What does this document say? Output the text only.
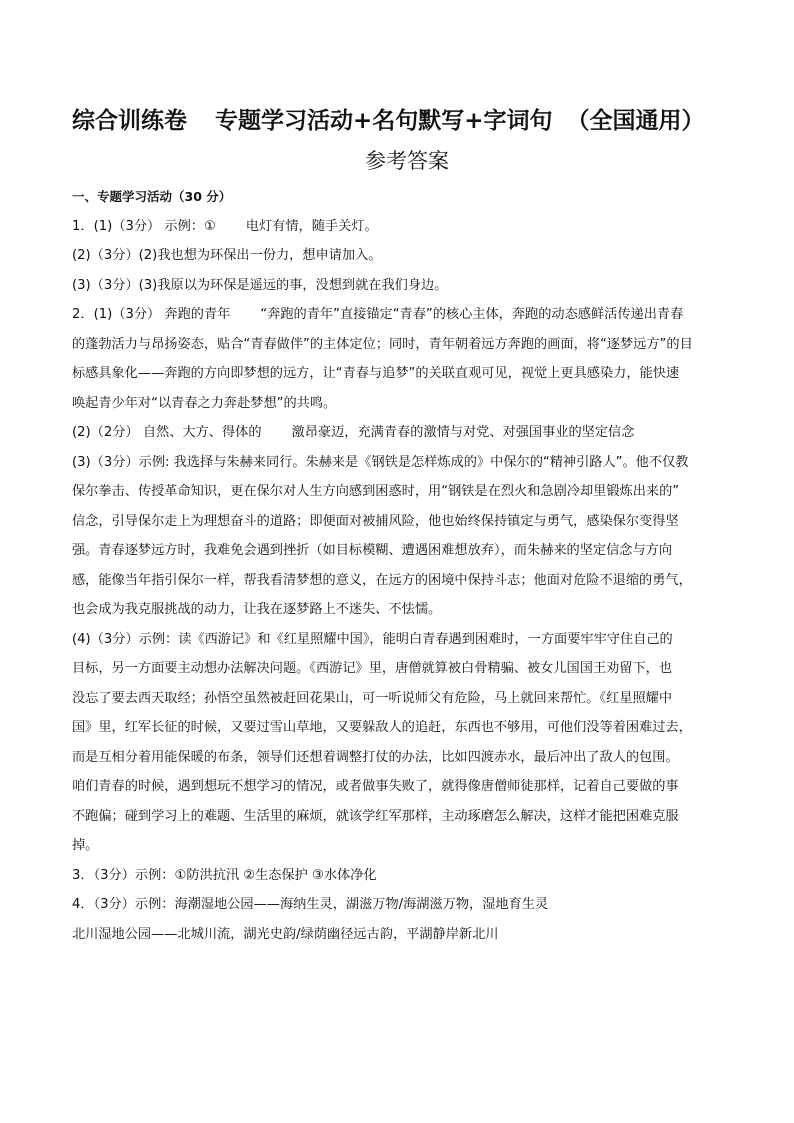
综合训练卷 专题学习活动+名句默写+字词句 （全国通用）
参考答案
一、专题学习活动（30 分）
1．(1)（3分） 示例：① 电灯有情，随手关灯。
(2)（3分）(2)我也想为环保出一份力，想申请加入。
(3)（3分）(3)我原以为环保是遥远的事，没想到就在我们身边。
2．(1)（3分） 奔跑的青年 “奔跑的青年”直接锚定“青春”的核心主体，奔跑的动态感鲜活传递出青春
的蓬勃活力与昂扬姿态，贴合“青春做伴”的主体定位；同时，青年朝着远方奔跑的画面，将“逐梦远方”的目
标感具象化——奔跑的方向即梦想的远方，让“青春与追梦”的关联直观可见，视觉上更具感染力，能快速
唤起青少年对“以青春之力奔赴梦想”的共鸣。
(2)（2分） 自然、大方、得体的 激昂豪迈，充满青春的激情与对党、对强国事业的坚定信念
(3)（3分）示例: 我选择与朱赫来同行。朱赫来是《钢铁是怎样炼成的》中保尔的“精神引路人”。他不仅教
保尔拳击、传授革命知识，更在保尔对人生方向感到困惑时，用“钢铁是在烈火和急剧冷却里锻炼出来的”
信念，引导保尔走上为理想奋斗的道路；即便面对被捕风险，他也始终保持镇定与勇气，感染保尔变得坚
强。青春逐梦远方时，我难免会遇到挫折（如目标模糊、遭遇困难想放弃），而朱赫来的坚定信念与方向
感，能像当年指引保尔一样，帮我看清梦想的意义，在远方的困境中保持斗志；他面对危险不退缩的勇气，
也会成为我克服挑战的动力，让我在逐梦路上不迷失、不怯懦。
(4)（3分）示例：读《西游记》和《红星照耀中国》，能明白青春遇到困难时，一方面要牢牢守住自己的
目标，另一方面要主动想办法解决问题。《西游记》里，唐僧就算被白骨精骗、被女儿国国王劝留下，也
没忘了要去西天取经；孙悟空虽然被赶回花果山，可一听说师父有危险，马上就回来帮忙。《红星照耀中
国》里，红军长征的时候，又要过雪山草地，又要躲敌人的追赶，东西也不够用，可他们没等着困难过去，
而是互相分着用能保暖的布条，领导们还想着调整打仗的办法，比如四渡赤水，最后冲出了敌人的包围。
咱们青春的时候，遇到想玩不想学习的情况，或者做事失败了，就得像唐僧师徒那样，记着自己要做的事
不跑偏；碰到学习上的难题、生活里的麻烦，就该学红军那样，主动琢磨怎么解决，这样才能把困难克服
掉。
3．（3分）示例：①防洪抗汛 ②生态保护 ③水体净化
4．（3分）示例：海潮湿地公园——海纳生灵，湖滋万物/海湖滋万物，湿地育生灵
北川湿地公园——北城川流，湖光史韵/绿荫幽径远古韵，平湖静岸新北川
